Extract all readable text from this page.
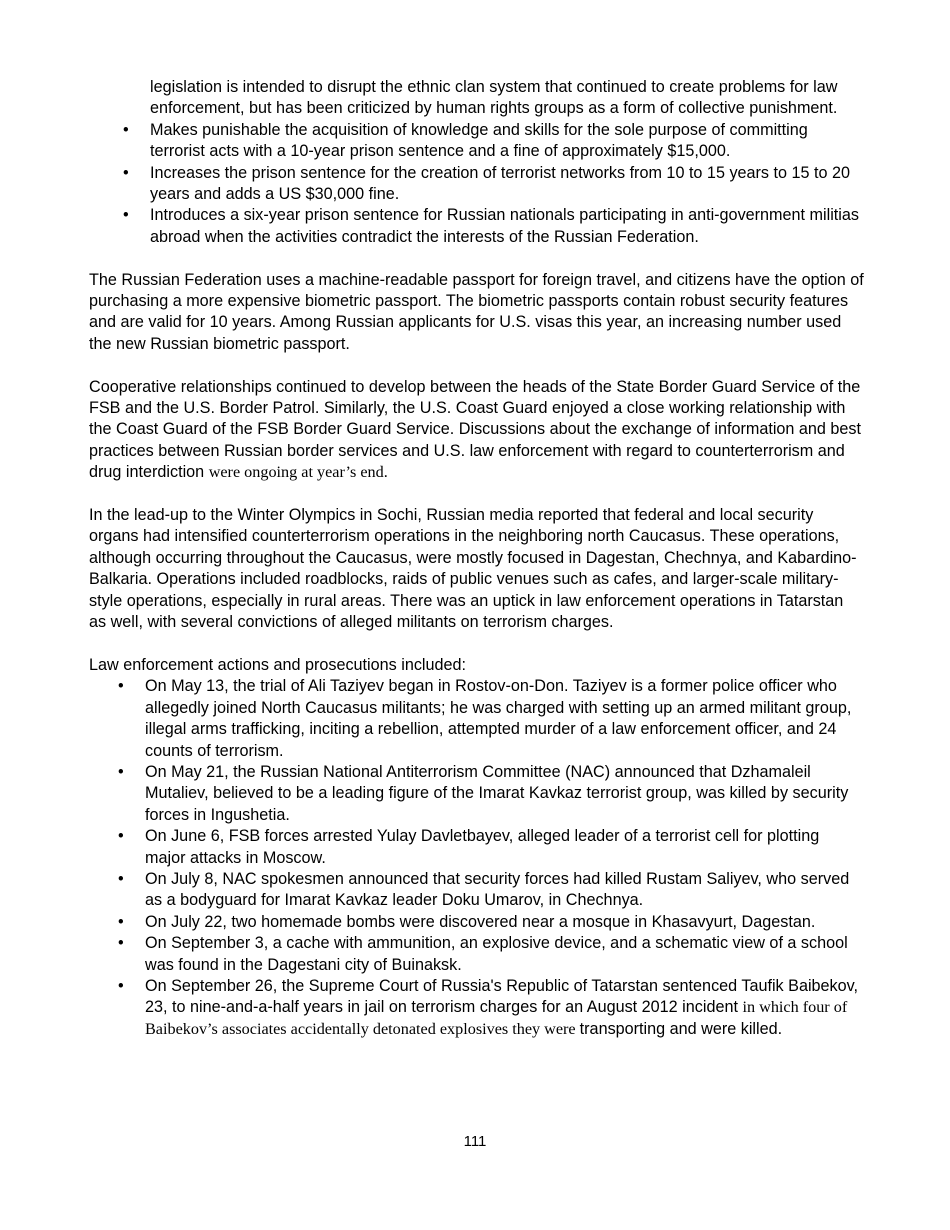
legislation is intended to disrupt the ethnic clan system that continued to create problems for law enforcement, but has been criticized by human rights groups as a form of collective punishment.

• Makes punishable the acquisition of knowledge and skills for the sole purpose of committing terrorist acts with a 10-year prison sentence and a fine of approximately $15,000.
• Increases the prison sentence for the creation of terrorist networks from 10 to 15 years to 15 to 20 years and adds a US $30,000 fine.
• Introduces a six-year prison sentence for Russian nationals participating in anti-government militias abroad when the activities contradict the interests of the Russian Federation.

The Russian Federation uses a machine-readable passport for foreign travel, and citizens have the option of purchasing a more expensive biometric passport. The biometric passports contain robust security features and are valid for 10 years. Among Russian applicants for U.S. visas this year, an increasing number used the new Russian biometric passport.

Cooperative relationships continued to develop between the heads of the State Border Guard Service of the FSB and the U.S. Border Patrol. Similarly, the U.S. Coast Guard enjoyed a close working relationship with the Coast Guard of the FSB Border Guard Service. Discussions about the exchange of information and best practices between Russian border services and U.S. law enforcement with regard to counterterrorism and drug interdiction were ongoing at year’s end.

In the lead-up to the Winter Olympics in Sochi, Russian media reported that federal and local security organs had intensified counterterrorism operations in the neighboring north Caucasus. These operations, although occurring throughout the Caucasus, were mostly focused in Dagestan, Chechnya, and Kabardino-Balkaria. Operations included roadblocks, raids of public venues such as cafes, and larger-scale military-style operations, especially in rural areas. There was an uptick in law enforcement operations in Tatarstan as well, with several convictions of alleged militants on terrorism charges.

Law enforcement actions and prosecutions included:

• On May 13, the trial of Ali Taziyev began in Rostov-on-Don. Taziyev is a former police officer who allegedly joined North Caucasus militants; he was charged with setting up an armed militant group, illegal arms trafficking, inciting a rebellion, attempted murder of a law enforcement officer, and 24 counts of terrorism.
• On May 21, the Russian National Antiterrorism Committee (NAC) announced that Dzhamaleil Mutaliev, believed to be a leading figure of the Imarat Kavkaz terrorist group, was killed by security forces in Ingushetia.
• On June 6, FSB forces arrested Yulay Davletbayev, alleged leader of a terrorist cell for plotting major attacks in Moscow.
• On July 8, NAC spokesmen announced that security forces had killed Rustam Saliyev, who served as a bodyguard for Imarat Kavkaz leader Doku Umarov, in Chechnya.
• On July 22, two homemade bombs were discovered near a mosque in Khasavyurt, Dagestan.
• On September 3, a cache with ammunition, an explosive device, and a schematic view of a school was found in the Dagestani city of Buinaksk.
• On September 26, the Supreme Court of Russia's Republic of Tatarstan sentenced Taufik Baibekov, 23, to nine-and-a-half years in jail on terrorism charges for an August 2012 incident in which four of Baibekov’s associates accidentally detonated explosives they were transporting and were killed.
111
